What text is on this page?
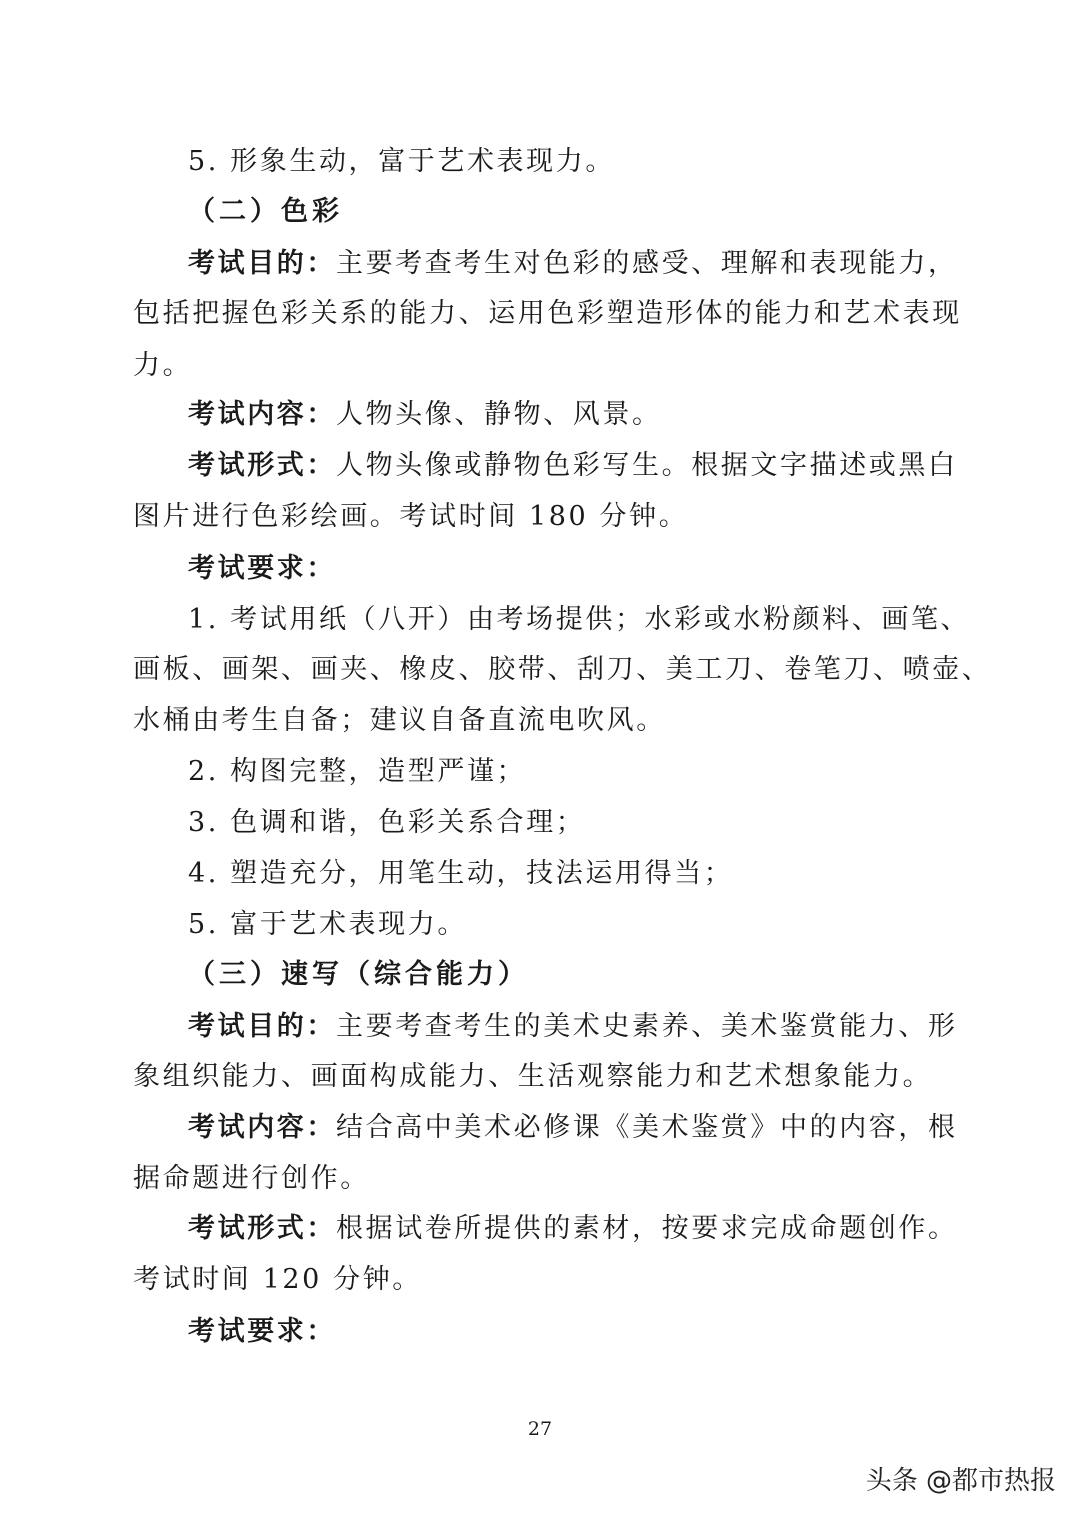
5. 形象生动，富于艺术表现力。
（二）色彩
考试目的：主要考查考生对色彩的感受、理解和表现能力，
包括把握色彩关系的能力、运用色彩塑造形体的能力和艺术表现
力。
考试内容：人物头像、静物、风景。
考试形式：人物头像或静物色彩写生。根据文字描述或黑白
图片进行色彩绘画。考试时间 180 分钟。
考试要求：
1. 考试用纸（八开）由考场提供；水彩或水粉颜料、画笔、
画板、画架、画夹、橡皮、胶带、刮刀、美工刀、卷笔刀、喷壶、
水桶由考生自备；建议自备直流电吹风。
2. 构图完整，造型严谨；
3. 色调和谐，色彩关系合理；
4. 塑造充分，用笔生动，技法运用得当；
5. 富于艺术表现力。
（三）速写（综合能力）
考试目的：主要考查考生的美术史素养、美术鉴赏能力、形
象组织能力、画面构成能力、生活观察能力和艺术想象能力。
考试内容：结合高中美术必修课《美术鉴赏》中的内容，根
据命题进行创作。
考试形式：根据试卷所提供的素材，按要求完成命题创作。
考试时间 120 分钟。
考试要求：
27
头条 @都市热报
